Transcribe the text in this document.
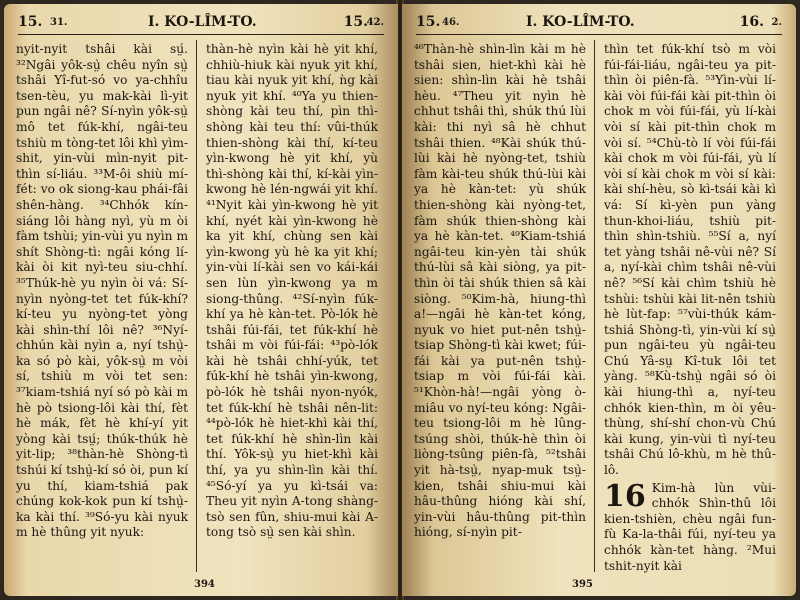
15. 31.	I. KO-LÎM-TO.	15.
42.

nyit-nyit tshâi kài sṳ́. ³²Ngâi yôk-sṳ̀ chêu nyîn sṳ̀ tshâi Yî-fut-só vo ya-chhîu tsen-tèu, yu mak-kài lì-yit pun ngâi nê? Sí-nyìn yôk-sṳ̀ mô tet fúk-khí, ngâi-teu tshiù m tòng-tet lôi khì yìm-shit, yin-vùi mìn-nyit pit-thìn sí-liáu. ³³M-ôi shiù mí-fét: vo ok siong-kau phái-fâi shên-hàng. ³⁴Chhók kín-siáng lôi hàng nyì, yù m òi fàm tshùi; yin-vùi yu nyìn m shít Shòng-tì: ngâi kóng lí-kài òi kit nyì-teu siu-chhí. ³⁵Thúk-hè yu nyìn òi vá: Sí-nyìn nyòng-tet tet fúk-khí? kí-teu yu nyòng-tet yòng kài shìn-thí lôi nê? ³⁶Nyí-chhún kài nyìn a, nyí tshṳ̀-ka só pò kài, yôk-sṳ̀ m vòi sí, tshiù m vòi tet sen: ³⁷kiam-tshiá nyí só pò kài m hè pò tsiong-lôi kài thí, fèt hè mák, fèt hè khí-yí yit yòng kài tsṳ́; thúk-thúk hè yit-lip; ³⁸thàn-hè Shòng-tì tshúi kí tshṳ̀-kí só òi, pun kí yu thí, kiam-tshiá pak chúng kok-kok pun kí tshṳ̀-ka kài thí. ³⁹Só-yu kài nyuk m hè thûng yit nyuk:

thàn-hè nyìn kài hè yit khí, chhiù-hiuk kài nyuk yit khí, tiau kài nyuk yit khí, ǹg kài nyuk yit khí. ⁴⁰Ya yu thien-shòng kài teu thí, pìn thì-shòng kài teu thí: vûi-thúk thien-shòng kài thí, kí-teu yìn-kwong hè yit khí, yù thì-shòng kài thí, kí-kài yìn-kwong hè lén-ngwái yit khí. ⁴¹Nyit kài yìn-kwong hè yit khí, nyét kài yìn-kwong hè ka yit khí, chùng sen kài yìn-kwong yù hè ka yit khí; yin-vùi lí-kài sen vo kái-kái sen lùn yìn-kwong ya m siong-thûng. ⁴²Sí-nyìn fúk-khí ya hè kàn-tet. Pò-lók hè tshâi fúi-fái, tet fúk-khí hè tshâi m vòi fúi-fái: ⁴³pò-lók kài hè tshâi chhí-yúk, tet fúk-khí hè tshâi yìn-kwong, pò-lók hè tshâi nyon-nyók, tet fúk-khí hè tshâi nên-lit: ⁴⁴pò-lók hè hiet-khì kài thí, tet fúk-khí hè shìn-lìn kài thí. Yôk-sṳ̀ yu hiet-khì kài thí, ya yu shìn-lìn kài thí. ⁴⁵Só-yí ya yu kì-tsái va: Theu yit nyìn A-tong shàng-tsò sen fûn, shiu-mui kài A-tong tsò sṳ̀ sen kài shìn.

394
15. 46.	I. KO-LÎM-TO.	16. 2.

⁴⁶Thàn-hè shìn-lìn kài m hè tshâi sien, hiet-khì kài hè sien: shìn-lìn kài hè tshâi hèu. ⁴⁷Theu yit nyìn hè chhut tshâi thì, shúk thú lùi kài: thi nyì sâ hè chhut tshâi thien. ⁴⁸Kài shúk thú-lùi kài hè nyòng-tet, tshiù fàm kài-teu shúk thú-lùi kài ya hè kàn-tet: yù shúk thien-shòng kài nyòng-tet, fàm shúk thien-shòng kài ya hè kàn-tet. ⁴⁹Kiam-tshiá ngâi-teu kin-yèn tài shúk thú-lùi sâ kài siòng, ya pit-thìn òi tài shúk thien sâ kài siòng. ⁵⁰Kim-hà, hiung-thì a!—ngâi hè kàn-tet kóng, nyuk vo hiet put-nên tshṳ̀-tsiap Shòng-tì kài kwet; fúi-fái kài ya put-nên tshṳ̀-tsiap m vòi fúi-fái kài. ⁵¹Khòn-hà!—ngâi yòng ò-miâu vo nyí-teu kóng: Ngâi-teu tsiong-lôi m hè lûng-tsúng shòi, thúk-hè thìn òi liòng-tsûng piên-fà, ⁵²tshâi yit hà-tsṳ̀, nyap-muk tsṳ̀-kien, tshâi shiu-mui kài hâu-thûng hióng kài shí, yin-vùi hâu-thûng pit-thìn hióng, sí-nyìn pit-

thìn tet fúk-khí tsò m vòi fúi-fái-liáu, ngâi-teu ya pit-thìn òi piên-fà. ⁵³Yìn-vùi lí-kài vòi fúi-fái kài pit-thìn òi chok m vòi fúi-fái, yù lí-kài vòi sí kài pit-thìn chok m vòi sí. ⁵⁴Chù-tò lí vòi fúi-fái kài chok m vòi fúi-fái, yù lí vòi sí kài chok m vòi sí kài: kài shí-hèu, sò kì-tsái kài kì vá: Sí kì-yèn pun yàng thun-khoi-liáu, tshiù pit-thìn shìn-tshiù. ⁵⁵Sí a, nyí tet yàng tshâi nê-vùi nê? Sí a, nyí-kài chìm tshâi nê-vùi nê? ⁵⁶Sí kài chìm tshiù hè tshùi: tshùi kài lit-nên tshiù hè lùt-fap: ⁵⁷vùi-thúk kám-tshiá Shòng-tì, yin-vùi kí sṳ̀ pun ngâi-teu yù ngâi-teu Chú Yâ-sṳ Kî-tuk lôi tet yàng. ⁵⁸Kù-tshṳ̀ ngâi só òi kài hiung-thì a, nyí-teu chhók kien-thìn, m òi yêu-thùng, shí-shí chon-vù Chú kài kung, yin-vùi tì nyí-teu tshâi Chú lô-khù, m hè thû-lô.

16 Kim-hà lùn vùi-chhók Shìn-thû lôi kien-tshièn, chèu ngâi fun-fù Ka-la-thâi fúi, nyí-teu ya chhók kàn-tet hàng. ²Mui tshit-nyit kài

395
